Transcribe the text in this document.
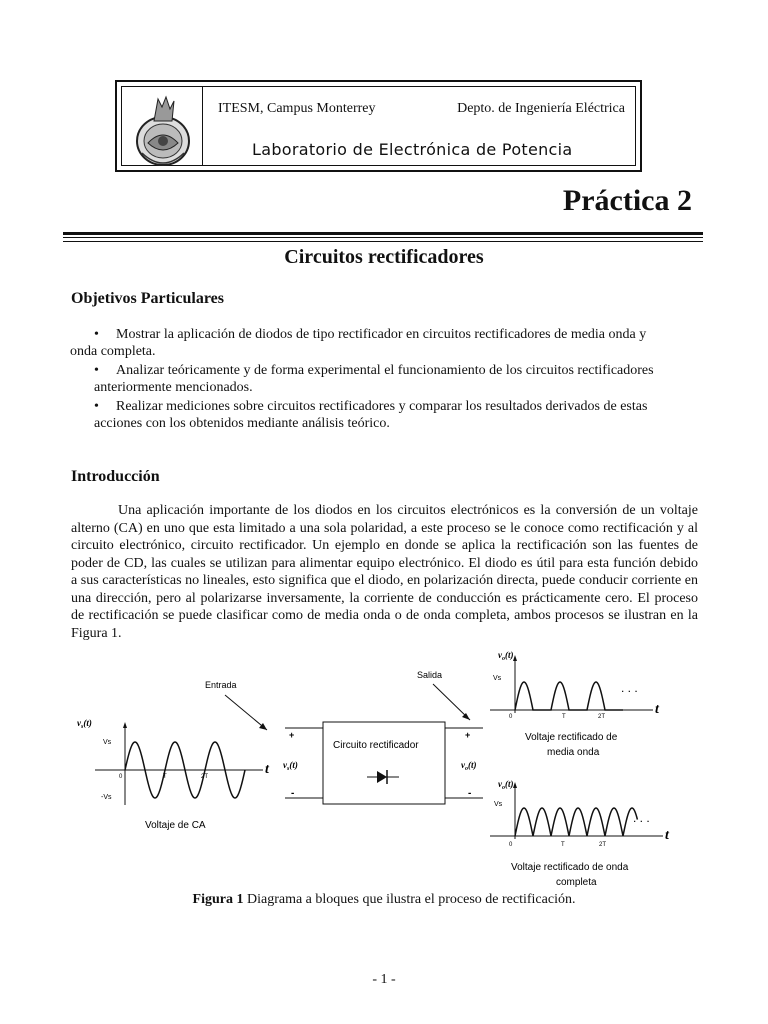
ITESM, Campus Monterrey	Depto. de Ingeniería Eléctrica
Laboratorio de Electrónica de Potencia
Práctica 2
Circuitos rectificadores
Objetivos Particulares
•	Mostrar la aplicación de diodos de tipo rectificador en circuitos rectificadores de media onda y
onda completa.
•	Analizar teóricamente y de forma experimental el funcionamiento de los circuitos rectificadores
anteriormente mencionados.
•	Realizar mediciones sobre circuitos rectificadores y comparar los resultados derivados de estas
acciones con los obtenidos mediante análisis teórico.
Introducción
Una aplicación importante de los diodos en los circuitos electrónicos es la conversión de un voltaje alterno (CA) en uno que esta limitado a una sola polaridad, a este proceso se le conoce como rectificación y al circuito electrónico, circuito rectificador. Un ejemplo en donde se aplica la rectificación son las fuentes de poder de CD, las cuales se utilizan para alimentar equipo electrónico. El diodo es útil para esta función debido a sus características no lineales, esto significa que el diodo, en polarización directa, puede conducir corriente en una dirección, pero al polarizarse inversamente, la corriente de conducción es prácticamente cero. El proceso de rectificación se puede clasificar como de media onda o de onda completa, ambos procesos se ilustran en la Figura 1.
Entrada
Salida
$v_s(t)$
Vs
-Vs
0	T	2T	t
Voltaje de CA
Circuito rectificador
+
-
+
-
$v_s(t)$	$v_o(t)$
$v_o(t)$
Vs
0	T	2T
. . .
t
Voltaje rectificado de
media onda
$v_o(t)$
Vs
0	T	2T
. . .
t
Voltaje rectificado de onda
completa
Figura 1 Diagrama a bloques que ilustra el proceso de rectificación.
- 1 -
